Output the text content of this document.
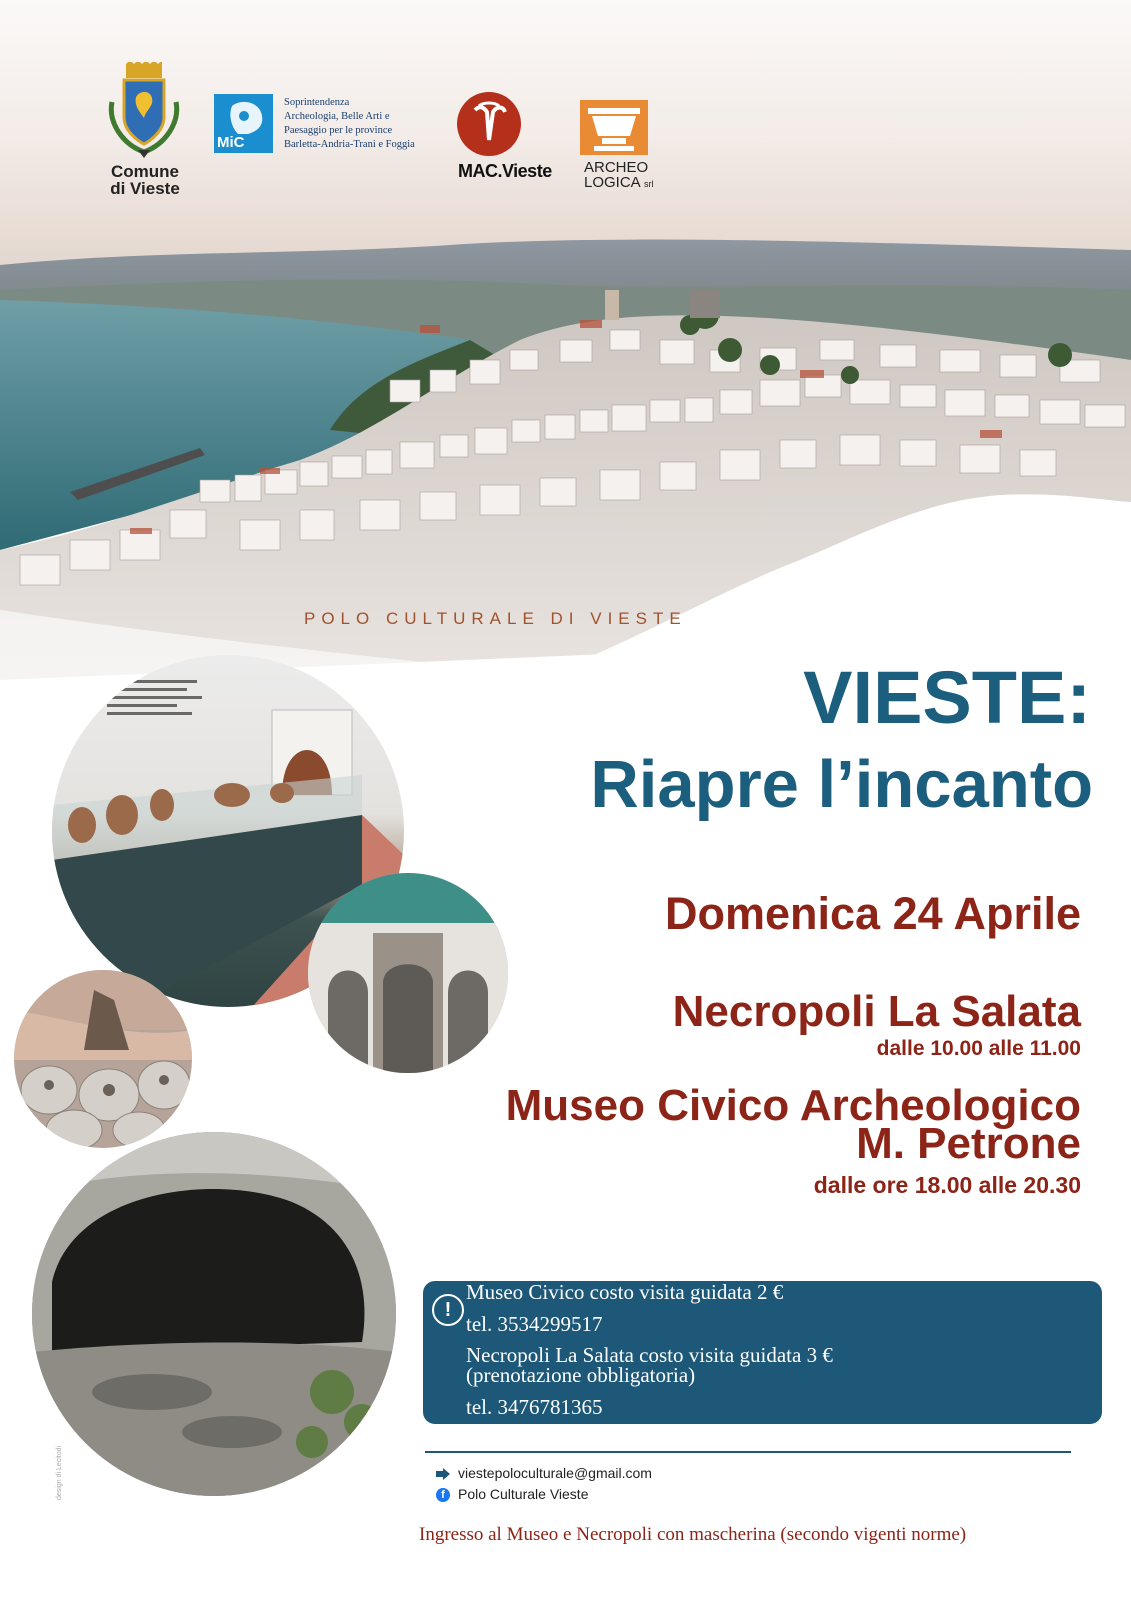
Comune
di Vieste
MiC
Soprintendenza
Archeologia, Belle Arti e
Paesaggio per le province
Barletta-Andria-Trani e Foggia
MAC.Vieste ARCHEO
LOGICA srl
POLO CULTURALE DI VIESTE
VIESTE:
Riapre l’incanto
Domenica 24 Aprile
Necropoli La Salata
dalle 10.00 alle 11.00
Museo Civico Archeologico
M. Petrone
dalle ore 18.00 alle 20.30
!
Museo Civico costo visita guidata 2 €
tel. 3534299517
Necropoli La Salata costo visita guidata 3 €
(prenotazione obbligatoria)
tel. 3476781365
viestepoloculturale@gmail.com
f Polo Culturale Vieste
Ingresso al Museo e Necropoli con mascherina (secondo vigenti norme)
design di Lecitodi
